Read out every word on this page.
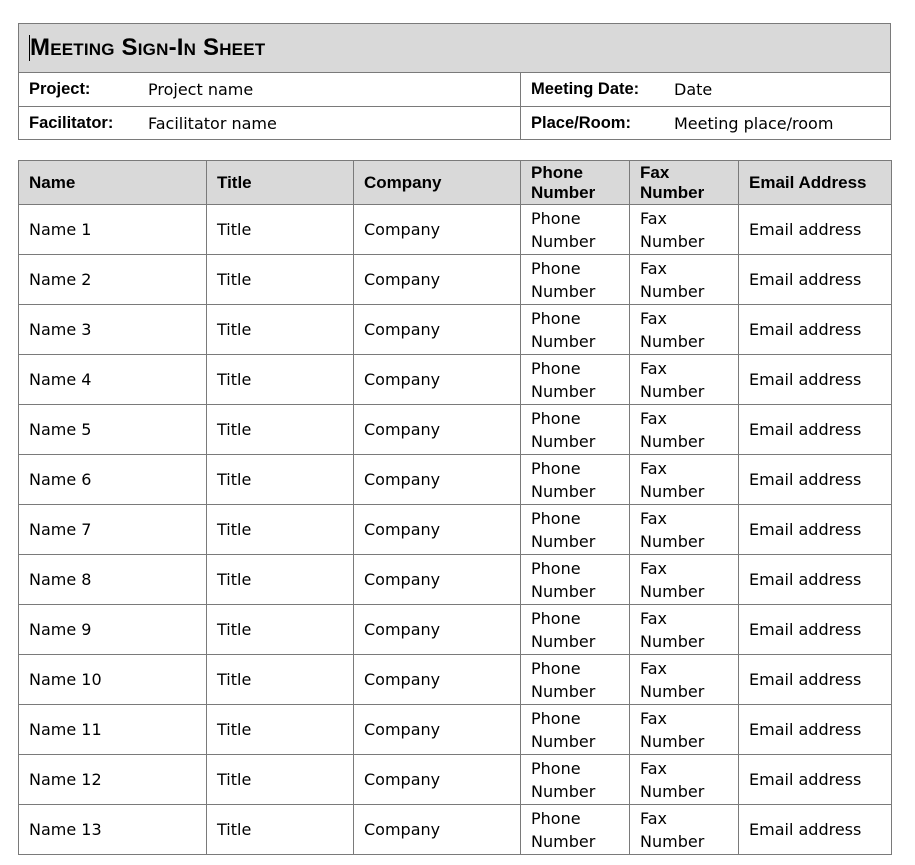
Meeting Sign-In Sheet
Project:	Project name	Meeting Date:	Date
Facilitator:	Facilitator name	Place/Room:	Meeting place/room
Name	Title	Company	Phone Number	Fax Number	Email Address
Name 1	Title	Company	Phone Number	Fax Number	Email address
Name 2	Title	Company	Phone Number	Fax Number	Email address
Name 3	Title	Company	Phone Number	Fax Number	Email address
Name 4	Title	Company	Phone Number	Fax Number	Email address
Name 5	Title	Company	Phone Number	Fax Number	Email address
Name 6	Title	Company	Phone Number	Fax Number	Email address
Name 7	Title	Company	Phone Number	Fax Number	Email address
Name 8	Title	Company	Phone Number	Fax Number	Email address
Name 9	Title	Company	Phone Number	Fax Number	Email address
Name 10	Title	Company	Phone Number	Fax Number	Email address
Name 11	Title	Company	Phone Number	Fax Number	Email address
Name 12	Title	Company	Phone Number	Fax Number	Email address
Name 13	Title	Company	Phone Number	Fax Number	Email address
